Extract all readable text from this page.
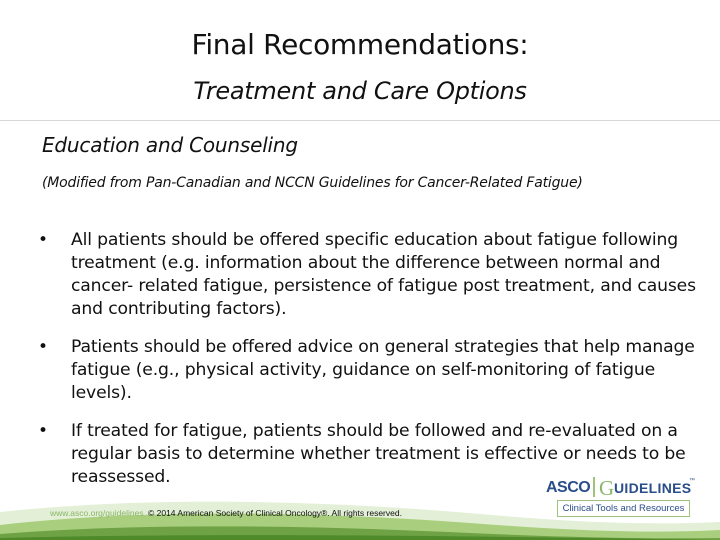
Final Recommendations:
Treatment and Care Options
Education and Counseling
(Modified from Pan-Canadian and NCCN Guidelines for Cancer-Related Fatigue)
• All patients should be offered specific education about fatigue following treatment (e.g. information about the difference between normal and cancer- related fatigue, persistence of fatigue post treatment, and causes and contributing factors).
• Patients should be offered advice on general strategies that help manage fatigue (e.g., physical activity, guidance on self-monitoring of fatigue levels).
• If treated for fatigue, patients should be followed and re-evaluated on a regular basis to determine whether treatment is effective or needs to be reassessed.
www.asco.org/guidelines © 2014 American Society of Clinical Oncology®. All rights reserved.
ASCO G UIDELINES
™
Clinical Tools and Resources
